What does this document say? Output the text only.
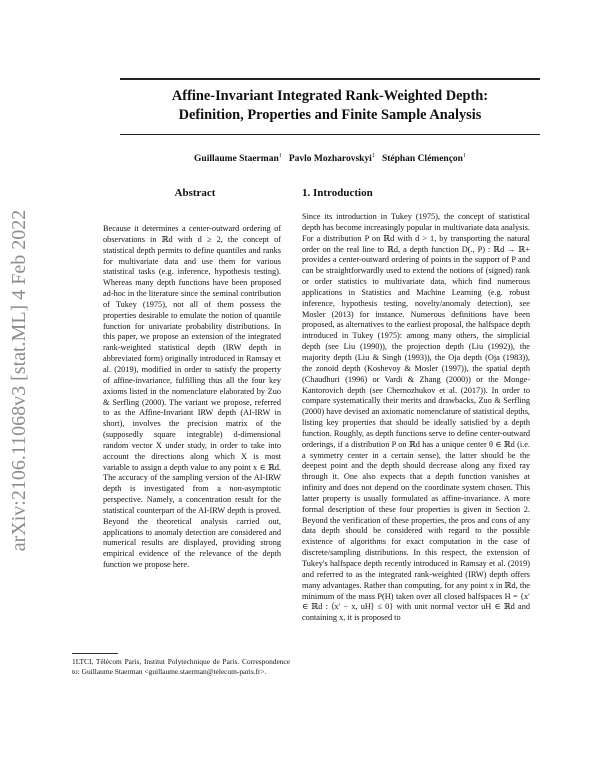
Affine-Invariant Integrated Rank-Weighted Depth:
Definition, Properties and Finite Sample Analysis
Guillaume Staerman$^1$ Pavlo Mozharovskyi$^1$ Stéphan Clémençon$^1$
arXiv:2106.11068v3 [stat.ML] 4 Feb 2022
Abstract

Because it determines a center-outward ordering of observations in ℝd with d ≥ 2, the concept of statistical depth permits to define quantiles and ranks for multivariate data and use them for various statistical tasks (e.g. inference, hypothesis testing). Whereas many depth functions have been proposed ad-hoc in the literature since the seminal contribution of Tukey (1975), not all of them possess the properties desirable to emulate the notion of quantile function for univariate probability distributions. In this paper, we propose an extension of the integrated rank-weighted statistical depth (IRW depth in abbreviated form) originally introduced in Ramsay et al. (2019), modified in order to satisfy the property of affine-invariance, fulfilling thus all the four key axioms listed in the nomenclature elaborated by Zuo & Serfling (2000). The variant we propose, referred to as the Affine-Invariant IRW depth (AI-IRW in short), involves the precision matrix of the (supposedly square integrable) d-dimensional random vector X under study, in order to take into account the directions along which X is most variable to assign a depth value to any point x ∈ ℝd. The accuracy of the sampling version of the AI-IRW depth is investigated from a non-asymptotic perspective. Namely, a concentration result for the statistical counterpart of the AI-IRW depth is proved. Beyond the theoretical analysis carried out, applications to anomaly detection are considered and numerical results are displayed, providing strong empirical evidence of the relevance of the depth function we propose here.

1LTCI, Télécom Paris, Institut Polytechnique de Paris. Correspondence to: Guillaume Staerman <guillaume.staerman@telecom-paris.fr>.
1. Introduction

Since its introduction in Tukey (1975), the concept of statistical depth has become increasingly popular in multivariate data analysis. For a distribution P on ℝd with d > 1, by transporting the natural order on the real line to ℝd, a depth function D(., P) : ℝd → ℝ+ provides a center-outward ordering of points in the support of P and can be straightforwardly used to extend the notions of (signed) rank or order statistics to multivariate data, which find numerous applications in Statistics and Machine Learning (e.g. robust inference, hypothesis testing, novelty/anomaly detection), see Mosler (2013) for instance. Numerous definitions have been proposed, as alternatives to the earliest proposal, the halfspace depth introduced in Tukey (1975): among many others, the simplicial depth (see Liu (1990)), the projection depth (Liu (1992)), the majority depth (Liu & Singh (1993)), the Oja depth (Oja (1983)), the zonoid depth (Koshevoy & Mosler (1997)), the spatial depth (Chaudhuri (1996) or Vardi & Zhang (2000)) or the Monge-Kantorovich depth (see Chernozhukov et al. (2017)). In order to compare systematically their merits and drawbacks, Zuo & Serfling (2000) have devised an axiomatic nomenclature of statistical depths, listing key properties that should be ideally satisfied by a depth function. Roughly, as depth functions serve to define center-outward orderings, if a distribution P on ℝd has a unique center θ ∈ ℝd (i.e. a symmetry center in a certain sense), the latter should be the deepest point and the depth should decrease along any fixed ray through it. One also expects that a depth function vanishes at infinity and does not depend on the coordinate system chosen. This latter property is usually formulated as affine-invariance. A more formal description of these four properties is given in Section 2. Beyond the verification of these properties, the pros and cons of any data depth should be considered with regard to the possible existence of algorithms for exact computation in the case of discrete/sampling distributions. In this respect, the extension of Tukey's halfspace depth recently introduced in Ramsay et al. (2019) and referred to as the integrated rank-weighted (IRW) depth offers many advantages. Rather than computing, for any point x in ℝd, the minimum of the mass P(H) taken over all closed halfspaces H = {x′ ∈ ℝd : ⟨x′ − x, uH⟩ ≤ 0} with unit normal vector uH ∈ ℝd and containing x, it is proposed to
